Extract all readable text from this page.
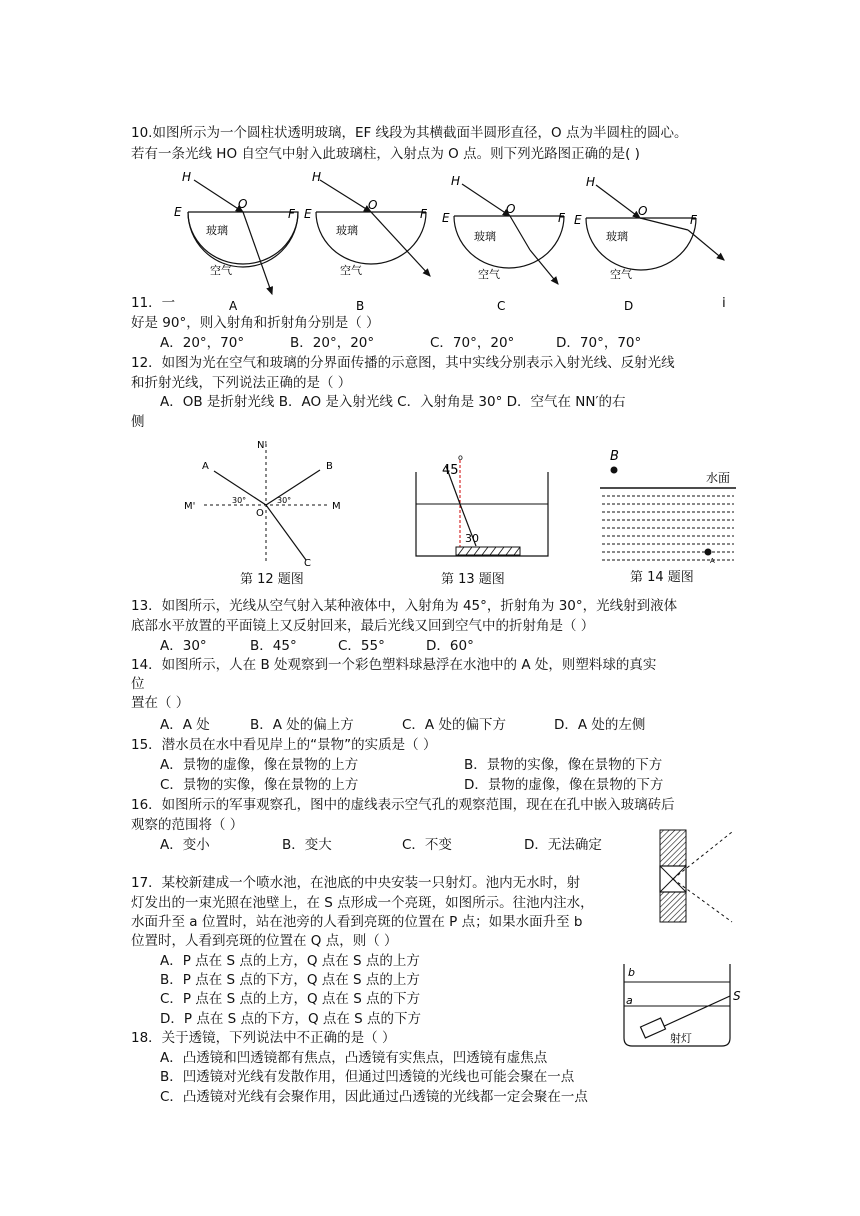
10.如图所示为一个圆柱状透明玻璃，EF 线段为其横截面半圆形直径，O 点为半圆柱的圆心。
若有一条光线 HO 自空气中射入此玻璃柱，入射点为 O 点。则下列光路图正确的是( )
H
O
E	F
玻璃
空气
H
O
E	F
玻璃
空气
H
O
E	F
玻璃
空气
H
O
E	F
玻璃
空气
A	B	C	D
11．一	i
好是 90°，则入射角和折射角分别是（ ）
A．20°，70°	B．20°，20°	C．70°，20°	D．70°，70°
12．如图为光在空气和玻璃的分界面传播的示意图，其中实线分别表示入射光线、反射光线
和折射光线，下列说法正确的是（ ）
A．OB 是折射光线 B．AO 是入射光线 C．入射角是 30° D．空气在 NN′的右
侧
N'
A	B
M'	M
O
C
30°	30°
第 12 题图
45
o
30
第 13 题图
B
水面
A
第 14 题图
13．如图所示，光线从空气射入某种液体中，入射角为 45°，折射角为 30°，光线射到液体
底部水平放置的平面镜上又反射回来，最后光线又回到空气中的折射角是（ ）
A．30°	B．45°	C．55°	D．60°
14．如图所示，人在 B 处观察到一个彩色塑料球悬浮在水池中的 A 处，则塑料球的真实
位
置在（ ）
A．A 处	B．A 处的偏上方	C．A 处的偏下方	D．A 处的左侧
15．潜水员在水中看见岸上的“景物”的实质是（ ）
A．景物的虚像，像在景物的上方	B．景物的实像，像在景物的下方
C．景物的实像，像在景物的上方	D．景物的虚像，像在景物的下方
16．如图所示的军事观察孔，图中的虚线表示空气孔的观察范围，现在在孔中嵌入玻璃砖后
观察的范围将（ ）
A．变小	B．变大	C．不变	D．无法确定
17．某校新建成一个喷水池，在池底的中央安装一只射灯。池内无水时，射
灯发出的一束光照在池壁上，在 S 点形成一个亮斑，如图所示。往池内注水，
水面升至 a 位置时，站在池旁的人看到亮斑的位置在 P 点；如果水面升至 b
位置时，人看到亮斑的位置在 Q 点，则（ ）
A．P 点在 S 点的上方，Q 点在 S 点的上方
B．P 点在 S 点的下方，Q 点在 S 点的上方
C．P 点在 S 点的上方，Q 点在 S 点的下方
D．P 点在 S 点的下方，Q 点在 S 点的下方
b
a	S
射灯
18．关于透镜，下列说法中不正确的是（ ）
A．凸透镜和凹透镜都有焦点，凸透镜有实焦点，凹透镜有虚焦点
B．凹透镜对光线有发散作用，但通过凹透镜的光线也可能会聚在一点
C．凸透镜对光线有会聚作用，因此通过凸透镜的光线都一定会聚在一点
